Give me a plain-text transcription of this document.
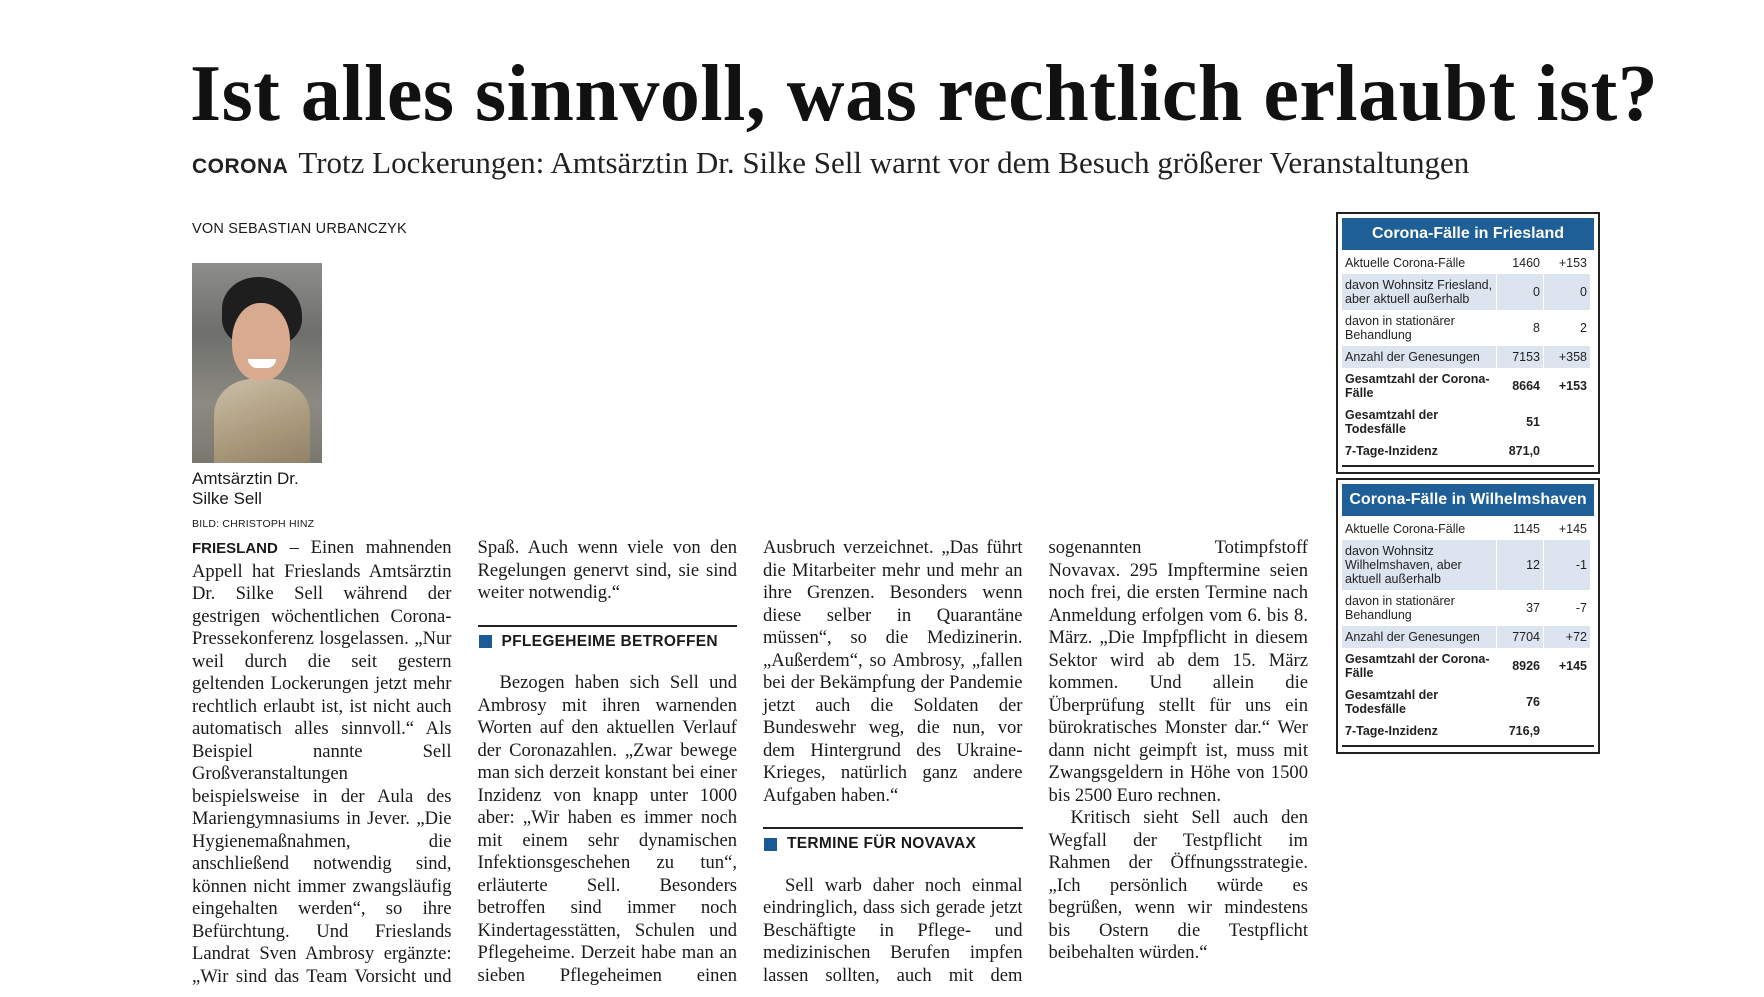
Ist alles sinnvoll, was rechtlich erlaubt ist?

CORONA Trotz Lockerungen: Amtsärztin Dr. Silke Sell warnt vor dem Besuch größerer Veranstaltungen

VON SEBASTIAN URBANCZYK

Amtsärztin Dr. Silke Sell
BILD: CHRISTOPH HINZ

FRIESLAND – Einen mahnenden Appell hat Frieslands Amtsärztin Dr. Silke Sell während der gestrigen wöchentlichen Corona-Pressekonferenz losgelassen. „Nur weil durch die seit gestern geltenden Lockerungen jetzt mehr rechtlich erlaubt ist, ist nicht auch automatisch alles sinnvoll.“ Als Beispiel nannte Sell Großveranstaltungen beispielsweise in der Aula des Mariengymnasiums in Jever. „Die Hygienemaßnahmen, die anschließend notwendig sind, können nicht immer zwangsläufig eingehalten werden“, so ihre Befürchtung. Und Frieslands Landrat Sven Ambrosy ergänzte: „Wir sind das Team Vorsicht und Spaß. Auch wenn viele von den Regelungen genervt sind, sie sind weiter notwendig.“
PFLEGEHEIME BETROFFEN
Bezogen haben sich Sell und Ambrosy mit ihren warnenden Worten auf den aktuellen Verlauf der Coronazahlen. „Zwar bewege man sich derzeit konstant bei einer Inzidenz von knapp unter 1000 aber: „Wir haben es immer noch mit einem sehr dynamischen Infektionsgeschehen zu tun“, erläuterte Sell. Besonders betroffen sind immer noch Kindertagesstätten, Schulen und Pflegeheime. Derzeit habe man an sieben Pflegeheimen einen Ausbruch verzeichnet. „Das führt die Mitarbeiter mehr und mehr an ihre Grenzen. Besonders wenn diese selber in Quarantäne müssen“, so die Medizinerin. „Außerdem“, so Ambrosy, „fallen bei der Bekämpfung der Pandemie jetzt auch die Soldaten der Bundeswehr weg, die nun, vor dem Hintergrund des Ukraine-Krieges, natürlich ganz andere Aufgaben haben.“
TERMINE FÜR NOVAVAX
Sell warb daher noch einmal eindringlich, dass sich gerade jetzt Beschäftigte in Pflege- und medizinischen Berufen impfen lassen sollten, auch mit dem sogenannten Totimpfstoff Novavax. 295 Impftermine seien noch frei, die ersten Termine nach Anmeldung erfolgen vom 6. bis 8. März. „Die Impfpflicht in diesem Sektor wird ab dem 15. März kommen. Und allein die Überprüfung stellt für uns ein bürokratisches Monster dar.“ Wer dann nicht geimpft ist, muss mit Zwangsgeldern in Höhe von 1500 bis 2500 Euro rechnen.
Kritisch sieht Sell auch den Wegfall der Testpflicht im Rahmen der Öffnungsstrategie. „Ich persönlich würde es begrüßen, wenn wir mindestens bis Ostern die Testpflicht beibehalten würden.“

Corona-Fälle in Friesland
Aktuelle Corona-Fälle	1460	+153
davon Wohnsitz Friesland, aber aktuell außerhalb	0	0
davon in stationärer Behandlung	8	2
Anzahl der Genesungen	7153	+358
Gesamtzahl der Corona-Fälle	8664	+153
Gesamtzahl der Todesfälle	51	
7-Tage-Inzidenz	871,0	
Corona-Fälle in Wilhelmshaven
Aktuelle Corona-Fälle	1145	+145
davon Wohnsitz Wilhelmshaven, aber aktuell außerhalb	12	-1
davon in stationärer Behandlung	37	-7
Anzahl der Genesungen	7704	+72
Gesamtzahl der Corona-Fälle	8926	+145
Gesamtzahl der Todesfälle	76	
7-Tage-Inzidenz	716,9	
